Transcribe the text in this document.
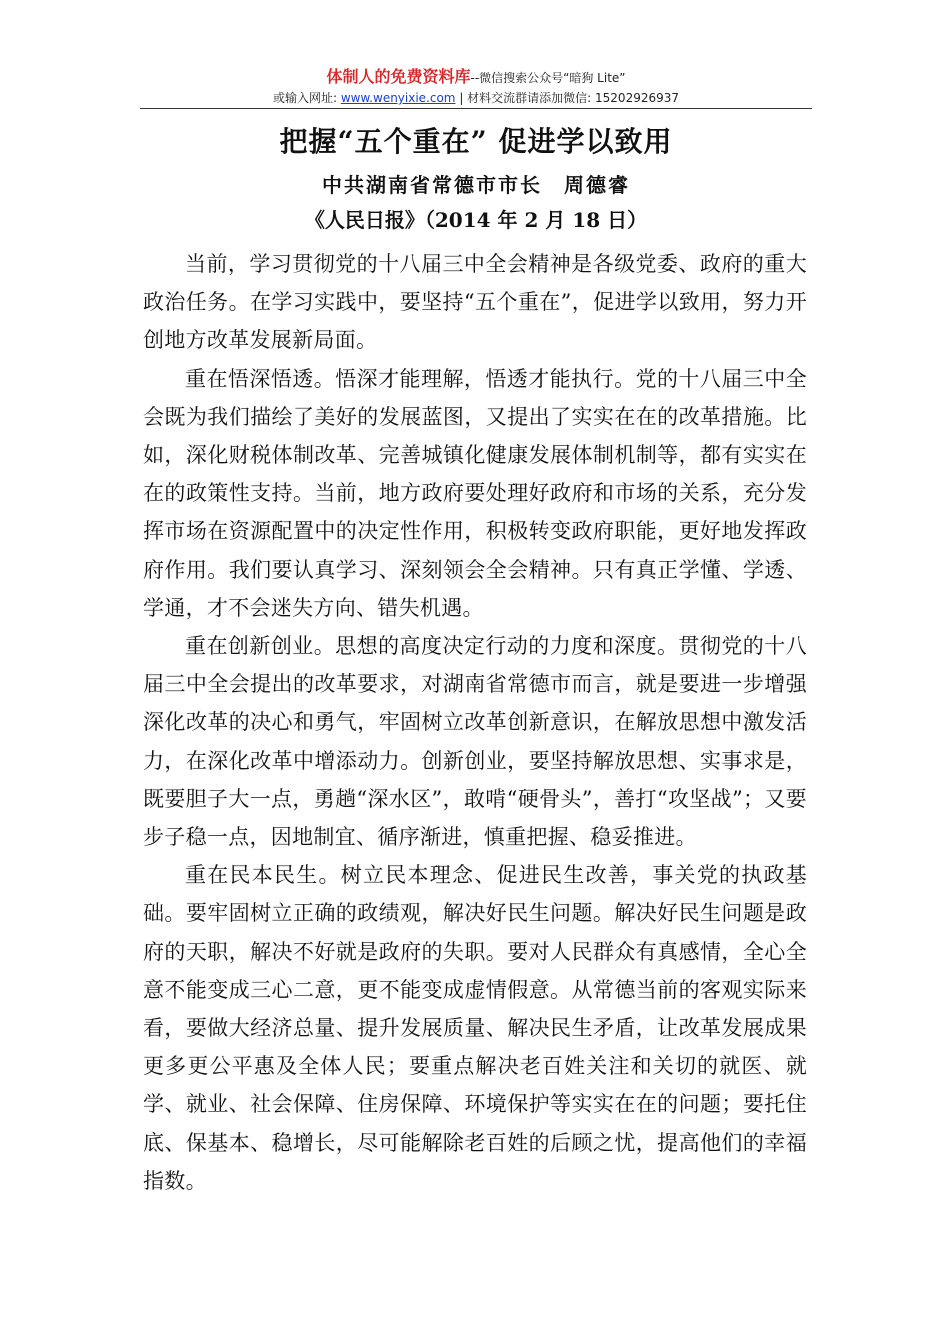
体制人的免费资料库--微信搜索公众号“暗狗 Lite”
或输入网址: www.wenyixie.com | 材料交流群请添加微信: 15202926937
把握“五个重在” 促进学以致用
中共湖南省常德市市长　周德睿
《人民日报》（2014 年 2 月 18 日）

当前，学习贯彻党的十八届三中全会精神是各级党委、政府的重大政治任务。在学习实践中，要坚持“五个重在”，促进学以致用，努力开创地方改革发展新局面。

重在悟深悟透。悟深才能理解，悟透才能执行。党的十八届三中全会既为我们描绘了美好的发展蓝图，又提出了实实在在的改革措施。比如，深化财税体制改革、完善城镇化健康发展体制机制等，都有实实在在的政策性支持。当前，地方政府要处理好政府和市场的关系，充分发挥市场在资源配置中的决定性作用，积极转变政府职能，更好地发挥政府作用。我们要认真学习、深刻领会全会精神。只有真正学懂、学透、学通，才不会迷失方向、错失机遇。

重在创新创业。思想的高度决定行动的力度和深度。贯彻党的十八届三中全会提出的改革要求，对湖南省常德市而言，就是要进一步增强深化改革的决心和勇气，牢固树立改革创新意识，在解放思想中激发活力，在深化改革中增添动力。创新创业，要坚持解放思想、实事求是，既要胆子大一点，勇趟“深水区”，敢啃“硬骨头”，善打“攻坚战”；又要步子稳一点，因地制宜、循序渐进，慎重把握、稳妥推进。

重在民本民生。树立民本理念、促进民生改善，事关党的执政基础。要牢固树立正确的政绩观，解决好民生问题。解决好民生问题是政府的天职，解决不好就是政府的失职。要对人民群众有真感情，全心全意不能变成三心二意，更不能变成虚情假意。从常德当前的客观实际来看，要做大经济总量、提升发展质量、解决民生矛盾，让改革发展成果更多更公平惠及全体人民；要重点解决老百姓关注和关切的就医、就学、就业、社会保障、住房保障、环境保护等实实在在的问题；要托住底、保基本、稳增长，尽可能解除老百姓的后顾之忧，提高他们的幸福指数。
